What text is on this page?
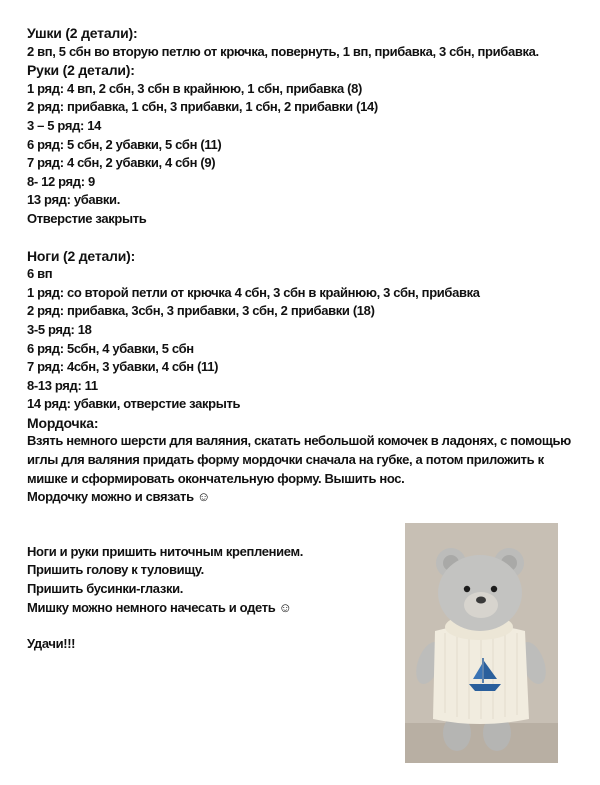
Ушки (2 детали):

2 вп, 5 сбн во вторую петлю от крючка, повернуть, 1 вп, прибавка, 3 сбн, прибавка.

Руки (2 детали):

1 ряд: 4 вп, 2 сбн, 3 сбн в крайнюю, 1 сбн, прибавка (8)

2 ряд: прибавка, 1 сбн, 3 прибавки, 1 сбн, 2 прибавки (14)

3 – 5 ряд: 14

6 ряд: 5 сбн, 2 убавки, 5 сбн (11)

7 ряд: 4 сбн, 2 убавки, 4 сбн (9)

8- 12 ряд: 9

13 ряд: убавки.

Отверстие закрыть

Ноги (2 детали):

6 вп

1 ряд: со второй петли от крючка 4 сбн, 3 сбн в крайнюю, 3 сбн, прибавка

2 ряд: прибавка, 3сбн, 3 прибавки, 3 сбн, 2 прибавки (18)

3-5 ряд: 18

6 ряд: 5сбн, 4 убавки, 5 сбн

7 ряд: 4сбн, 3 убавки, 4 сбн (11)

8-13 ряд: 11

14 ряд: убавки, отверстие закрыть

Мордочка:

Взять немного шерсти для валяния, скатать небольшой комочек в ладонях, с помощью иглы для валяния придать форму мордочки сначала на губке, а потом приложить к мишке и сформировать окончательную форму. Вышить нос.

Мордочку можно и связать ☺

Ноги и руки пришить ниточным креплением.

Пришить голову к туловищу.

Пришить бусинки-глазки.

Мишку можно немного начесать и одеть ☺

Удачи!!!
